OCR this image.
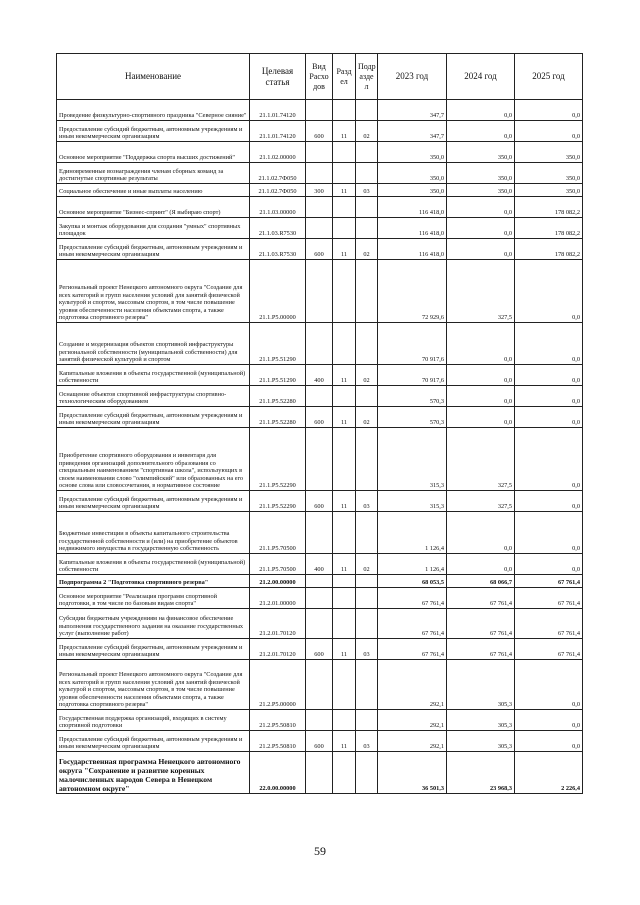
Наименование	Целевая статья	Вид Расхо дов	Разд ел	Подр азде л	2023 год	2024 год	2025 год
Проведение физкультурно-спортивного праздника "Северное сияние"	21.1.01.74120				347,7	0,0	0,0
Предоставление субсидий бюджетным, автономным учреждениям и иным некоммерческим организациям	21.1.01.74120	600	11	02	347,7	0,0	0,0
Основное мероприятие "Поддержка спорта высших достижений"	21.1.02.00000				350,0	350,0	350,0
Единовременные вознаграждения членам сборных команд за достигнутые спортивные результаты	21.1.02.7Ф050				350,0	350,0	350,0
Социальное обеспечение и иные выплаты населению	21.1.02.7Ф050	300	11	03	350,0	350,0	350,0
Основное мероприятие "Бизнес-спринт" (Я выбираю спорт)	21.1.03.00000				116 418,0	0,0	178 082,2
Закупка и монтаж оборудования для создания "умных" спортивных площадок	21.1.03.R7530				116 418,0	0,0	178 082,2
Предоставление субсидий бюджетным, автономным учреждениям и иным некоммерческим организациям	21.1.03.R7530	600	11	02	116 418,0	0,0	178 082,2
Региональный проект Ненецкого автономного округа "Создание для всех категорий и групп населения условий для занятий физической культурой и спортом, массовым спортом, в том числе повышение уровня обеспеченности населения объектами спорта, а также подготовка спортивного резерва"	21.1.P5.00000				72 929,6	327,5	0,0
Создание и модернизация объектов спортивной инфраструктуры региональной собственности (муниципальной собственности) для занятий физической культурой и спортом	21.1.P5.51290				70 917,6	0,0	0,0
Капитальные вложения в объекты государственной (муниципальной) собственности	21.1.P5.51290	400	11	02	70 917,6	0,0	0,0
Оснащение объектов спортивной инфраструктуры спортивно-технологическим оборудованием	21.1.P5.52280				570,3	0,0	0,0
Предоставление субсидий бюджетным, автономным учреждениям и иным некоммерческим организациям	21.1.P5.52280	600	11	02	570,3	0,0	0,0
Приобретение спортивного оборудования и инвентаря для приведения организаций дополнительного образования со специальным наименованием "спортивная школа", использующих в своем наименовании слово "олимпийский" или образованных на его основе слова или словосочетания, в нормативное состояние	21.1.P5.52290				315,3	327,5	0,0
Предоставление субсидий бюджетным, автономным учреждениям и иным некоммерческим организациям	21.1.P5.52290	600	11	03	315,3	327,5	0,0
Бюджетные инвестиции в объекты капитального строительства государственной собственности и (или) на приобретение объектов недвижимого имущества в государственную собственность	21.1.P5.70500				1 126,4	0,0	0,0
Капитальные вложения в объекты государственной (муниципальной) собственности	21.1.P5.70500	400	11	02	1 126,4	0,0	0,0
Подпрограмма 2 "Подготовка спортивного резерва"	21.2.00.00000				68 053,5	68 066,7	67 761,4
Основное мероприятие "Реализация программ спортивной подготовки, в том числе по базовым видам спорта"	21.2.01.00000				67 761,4	67 761,4	67 761,4
Субсидии бюджетным учреждениям на финансовое обеспечение выполнения государственного задания на оказание государственных услуг (выполнение работ)	21.2.01.70120				67 761,4	67 761,4	67 761,4
Предоставление субсидий бюджетным, автономным учреждениям и иным некоммерческим организациям	21.2.01.70120	600	11	03	67 761,4	67 761,4	67 761,4
Региональный проект Ненецкого автономного округа "Создание для всех категорий и групп населения условий для занятий физической культурой и спортом, массовым спортом, в том числе повышение уровня обеспеченности населения объектами спорта, а также подготовка спортивного резерва"	21.2.P5.00000				292,1	305,3	0,0
Государственная поддержка организаций, входящих в систему спортивной подготовки	21.2.P5.50810				292,1	305,3	0,0
Предоставление субсидий бюджетным, автономным учреждениям и иным некоммерческим организациям	21.2.P5.50810	600	11	03	292,1	305,3	0,0
Государственная программа Ненецкого автономного округа "Сохранение и развитие коренных малочисленных народов Севера в Ненецком автономном округе"	22.0.00.00000				36 501,3	23 968,3	2 226,4
59
